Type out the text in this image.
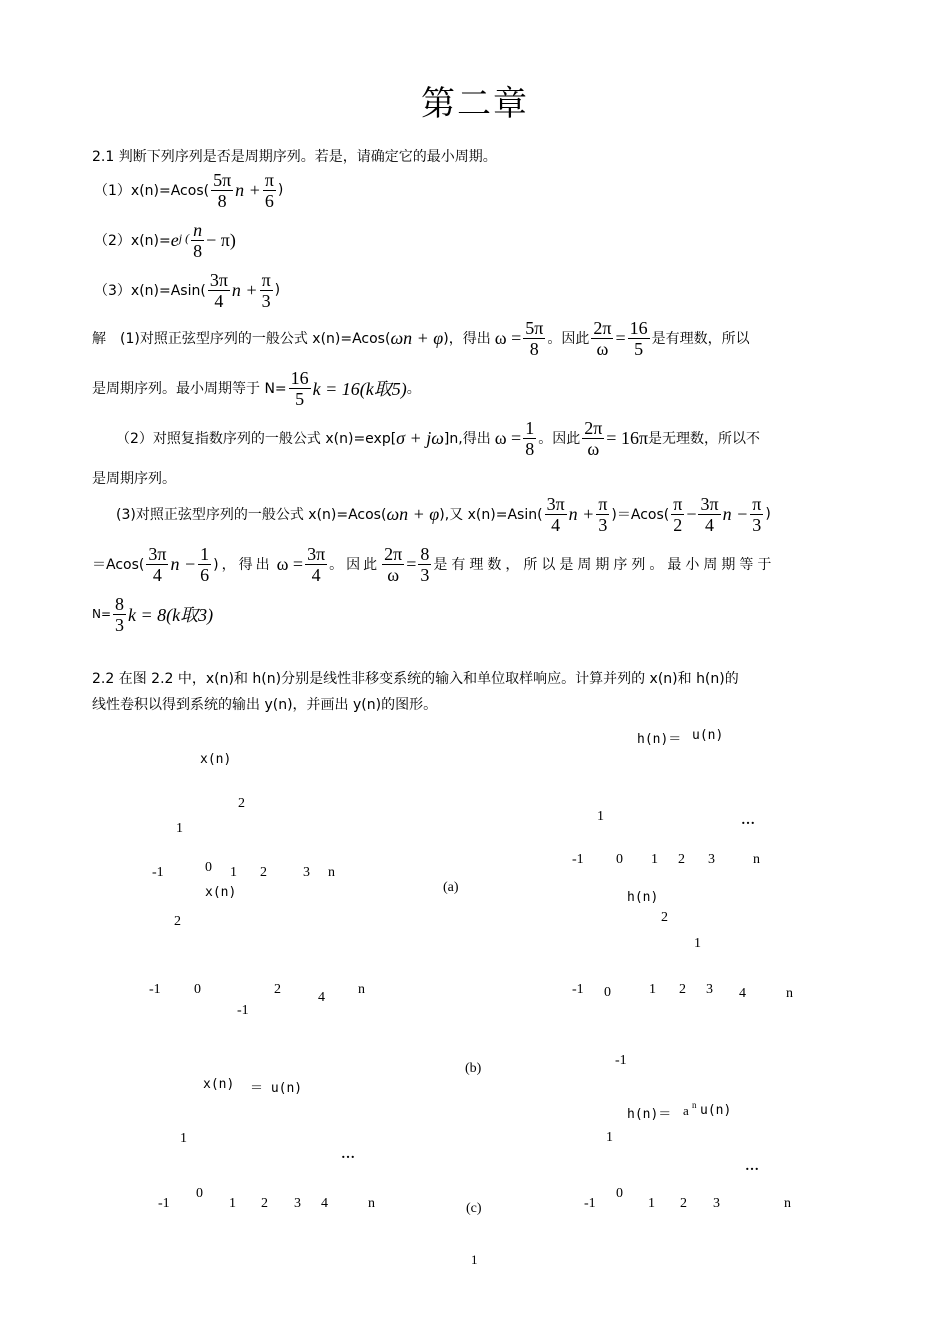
第二章
2.1 判断下列序列是否是周期序列。若是，请确定它的最小周期。
$(1)x(n)=Acos( \frac{5\pi}{8}$ $n + \frac{\pi}{6}$ )
（2）x(n)= e j ( $\frac{n}{8} - \pi$)
$(3)x(n)=Asin( \frac{3\pi}{4}$ $n + \frac{\pi}{3}$ )
解　(1)对照正弦型序列的一般公式 x(n)=Acos( ωn + φ )，得出 $\omega = \frac{5\pi}{8}$ 。因此 $\frac{2\pi}{\omega} = \frac{16}{5}$ 是有理数，所以
是周期序列。最小周期等于 $N= \frac{16}{5}$ k = 16(k取5) 。
（2）对照复指数序列的一般公式 x(n)=exp[ σ + jω ]n,得出 $\omega = \frac{1}{8}$ 。因此 $\frac{2\pi}{\omega} = 16\pi$ 是无理数，所以不
是周期序列。
(3)对照正弦型序列的一般公式 x(n)=Acos( ωn + φ ),又 $x(n)=Asin( \frac{3\pi}{4}$ $n + \frac{\pi}{3} )=Acos( \frac{\pi}{2} - \frac{3\pi}{4}$ $n - \frac{\pi}{3}$ )
$=Acos( \frac{3\pi}{4}$ $n - \frac{1}{6}$ )，得出 $\omega = \frac{3\pi}{4}$ 。因此 $\frac{2\pi}{\omega} = \frac{8}{3}$ 是有理数，所以是周期序列。最小周期等于
$N= \frac{8}{3}$ k = 8(k取3)
2.2 在图 2.2 中，x(n)和 h(n)分别是线性非移变系统的输入和单位取样响应。计算并列的 x(n)和 h(n)的
线性卷积以得到系统的输出 y(n)，并画出 y(n)的图形。
x(n)
2
1
-1	0 1 2	3 n
(a)
h(n)＝ u(n)
1	…
-1 0 1 2 3	n
x(n)
2
-1 0	2
4
n
-1
(b)
h(n)
2
1
-1 0	1 2 3 4	n
-1
x(n) ＝ u(n)
1
…
-1
0
1 2 3 4	n	(c)
h(n)＝ a n u(n)
1
…
-1
0
1 2 3	n
1
